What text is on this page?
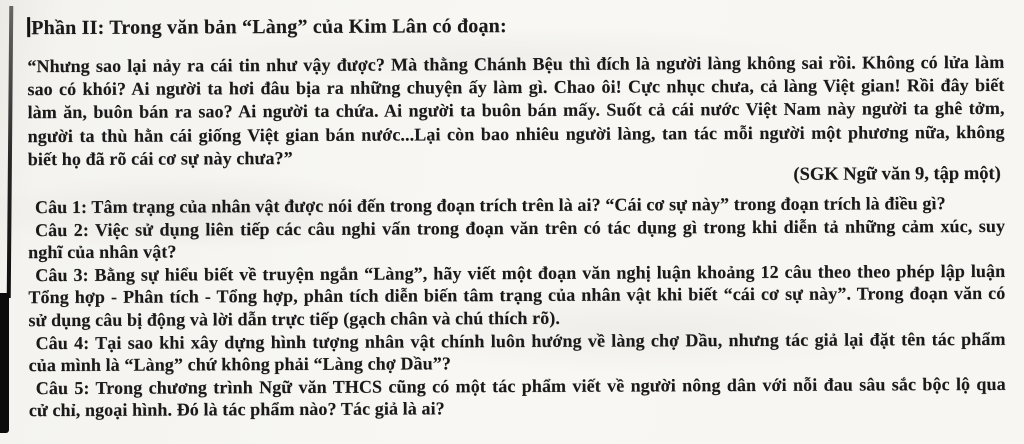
Phần II: Trong văn bản “Làng” của Kim Lân có đoạn:
“Nhưng sao lại nảy ra cái tin như vậy được? Mà thằng Chánh Bệu thì đích là người làng không sai rồi. Không có lửa làm
sao có khói? Ai người ta hơi đâu bịa ra những chuyện ấy làm gì. Chao ôi! Cực nhục chưa, cả làng Việt gian! Rồi đây biết
làm ăn, buôn bán ra sao? Ai người ta chứa. Ai người ta buôn bán mấy. Suốt cả cái nước Việt Nam này người ta ghê tởm,
người ta thù hằn cái giống Việt gian bán nước...Lại còn bao nhiêu người làng, tan tác mỗi người một phương nữa, không
biết họ đã rõ cái cơ sự này chưa?”
(SGK Ngữ văn 9, tập một)
Câu 1: Tâm trạng của nhân vật được nói đến trong đoạn trích trên là ai? “Cái cơ sự này” trong đoạn trích là điều gì?
Câu 2: Việc sử dụng liên tiếp các câu nghi vấn trong đoạn văn trên có tác dụng gì trong khi diễn tả những cảm xúc, suy
nghĩ của nhân vật?
Câu 3: Bằng sự hiểu biết về truyện ngắn “Làng”, hãy viết một đoạn văn nghị luận khoảng 12 câu theo theo phép lập luận
Tổng hợp - Phân tích - Tổng hợp, phân tích diễn biến tâm trạng của nhân vật khi biết “cái cơ sự này”. Trong đoạn văn có
sử dụng câu bị động và lời dẫn trực tiếp (gạch chân và chú thích rõ).
Câu 4: Tại sao khi xây dựng hình tượng nhân vật chính luôn hướng về làng chợ Dầu, nhưng tác giả lại đặt tên tác phẩm
của mình là “Làng” chứ không phải “Làng chợ Dầu”?
Câu 5: Trong chương trình Ngữ văn THCS cũng có một tác phẩm viết về người nông dân với nỗi đau sâu sắc bộc lộ qua
cử chỉ, ngoại hình. Đó là tác phẩm nào? Tác giả là ai?
